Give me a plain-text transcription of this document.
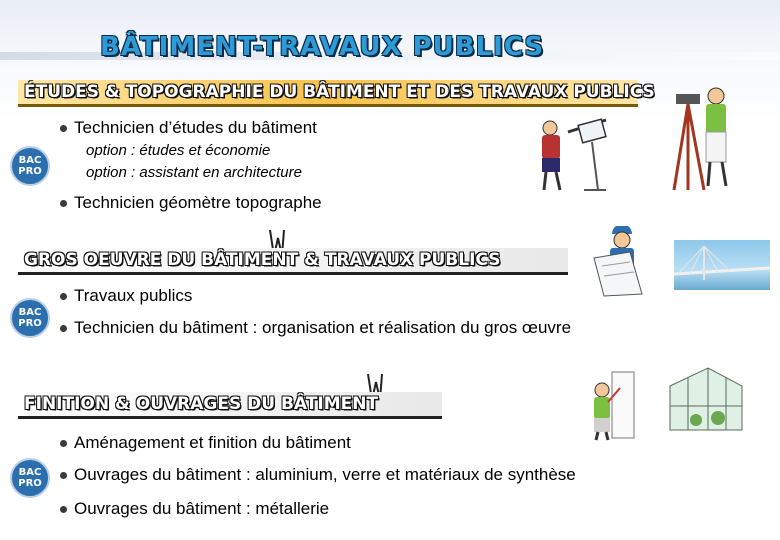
BÂTIMENT-TRAVAUX PUBLICS
ÉTUDES & TOPOGRAPHIE DU BÂTIMENT ET DES TRAVAUX PUBLICS
BAC
PRO
Technicien d’études du bâtiment
option : études et économie
option : assistant en architecture
Technicien géomètre topographe
GROS OEUVRE DU BÂTIMENT & TRAVAUX PUBLICS
BAC
PRO
Travaux publics
Technicien du bâtiment : organisation et réalisation du gros œuvre
FINITION & OUVRAGES DU BÂTIMENT
BAC
PRO
Aménagement et finition du bâtiment
Ouvrages du bâtiment : aluminium, verre et matériaux de synthèse
Ouvrages du bâtiment : métallerie
